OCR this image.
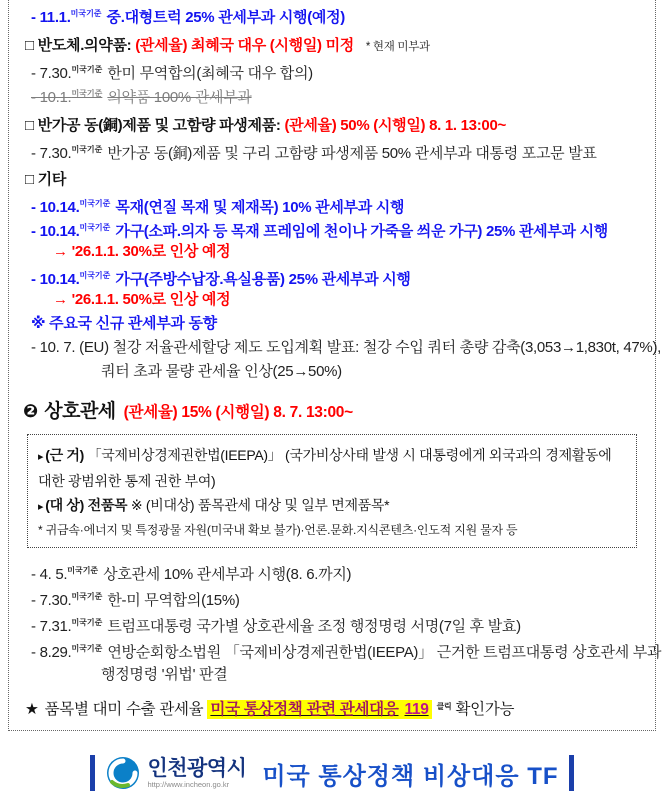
- 11.1.$^{미국기준}$ 중.대형트럭 25% 관세부과 시행(예정)
□ 반도체.의약품: (관세율) 최혜국 대우 (시행일) 미정 * 현재 미부과
- 7.30.$^{미국기준}$ 한미 무역합의(최혜국 대우 합의)
- 10.1.$^{미국기준}$ 의약품 100% 관세부과
□ 반가공 동(銅)제품 및 고함량 파생제품: (관세율) 50% (시행일) 8. 1. 13:00~
- 7.30.$^{미국기준}$ 반가공 동(銅)제품 및 구리 고함량 파생제품 50% 관세부과 대통령 포고문 발표
□ 기타
- 10.14.$^{미국기준}$ 목재(연질 목재 및 제재목) 10% 관세부과 시행
- 10.14.$^{미국기준}$ 가구(소파.의자 등 목재 프레임에 천이나 가죽을 씌운 가구) 25% 관세부과 시행
→ '26.1.1. 30%로 인상 예정
- 10.14.$^{미국기준}$ 가구(주방수납장.욕실용품) 25% 관세부과 시행
→ '26.1.1. 50%로 인상 예정
※ 주요국 신규 관세부과 동향
- 10. 7. (EU) 철강 저율관세할당 제도 도입계획 발표: 철강 수입 쿼터 총량 감축(3,053→1,830t, 47%),
쿼터 초과 물량 관세율 인상(25→50%)
❷ 상호관세 (관세율) 15% (시행일) 8. 7. 13:00~
▸ (근 거) 「국제비상경제권한법(IEEPA)」 (국가비상사태 발생 시 대통령에게 외국과의 경제활동에 대한 광범위한 통제 권한 부여)
▸ (대 상) 전품목 ※ (비대상) 품목관세 대상 및 일부 면제품목*
* 귀금속·에너지 및 특정광물 자원(미국내 확보 불가)·언론.문화.지식콘텐츠·인도적 지원 물자 등
- 4. 5.$^{미국기준}$ 상호관세 10% 관세부과 시행(8. 6.까지)
- 7.30.$^{미국기준}$ 한-미 무역합의(15%)
- 7.31.$^{미국기준}$ 트럼프대통령 국가별 상호관세율 조정 행정명령 서명(7일 후 발효)
- 8.29.$^{미국기준}$ 연방순회항소법원 「국제비상경제권한법(IEEPA)」 근거한 트럼프대통령 상호관세 부과
행정명령 '위법' 판결
★ 품목별 대미 수출 관세율 미국 통상정책 관련 관세대응 119 $^{클릭}$ 확인가능
인천광역시
http://www.incheon.go.kr 미국 통상정책 비상대응 TF
